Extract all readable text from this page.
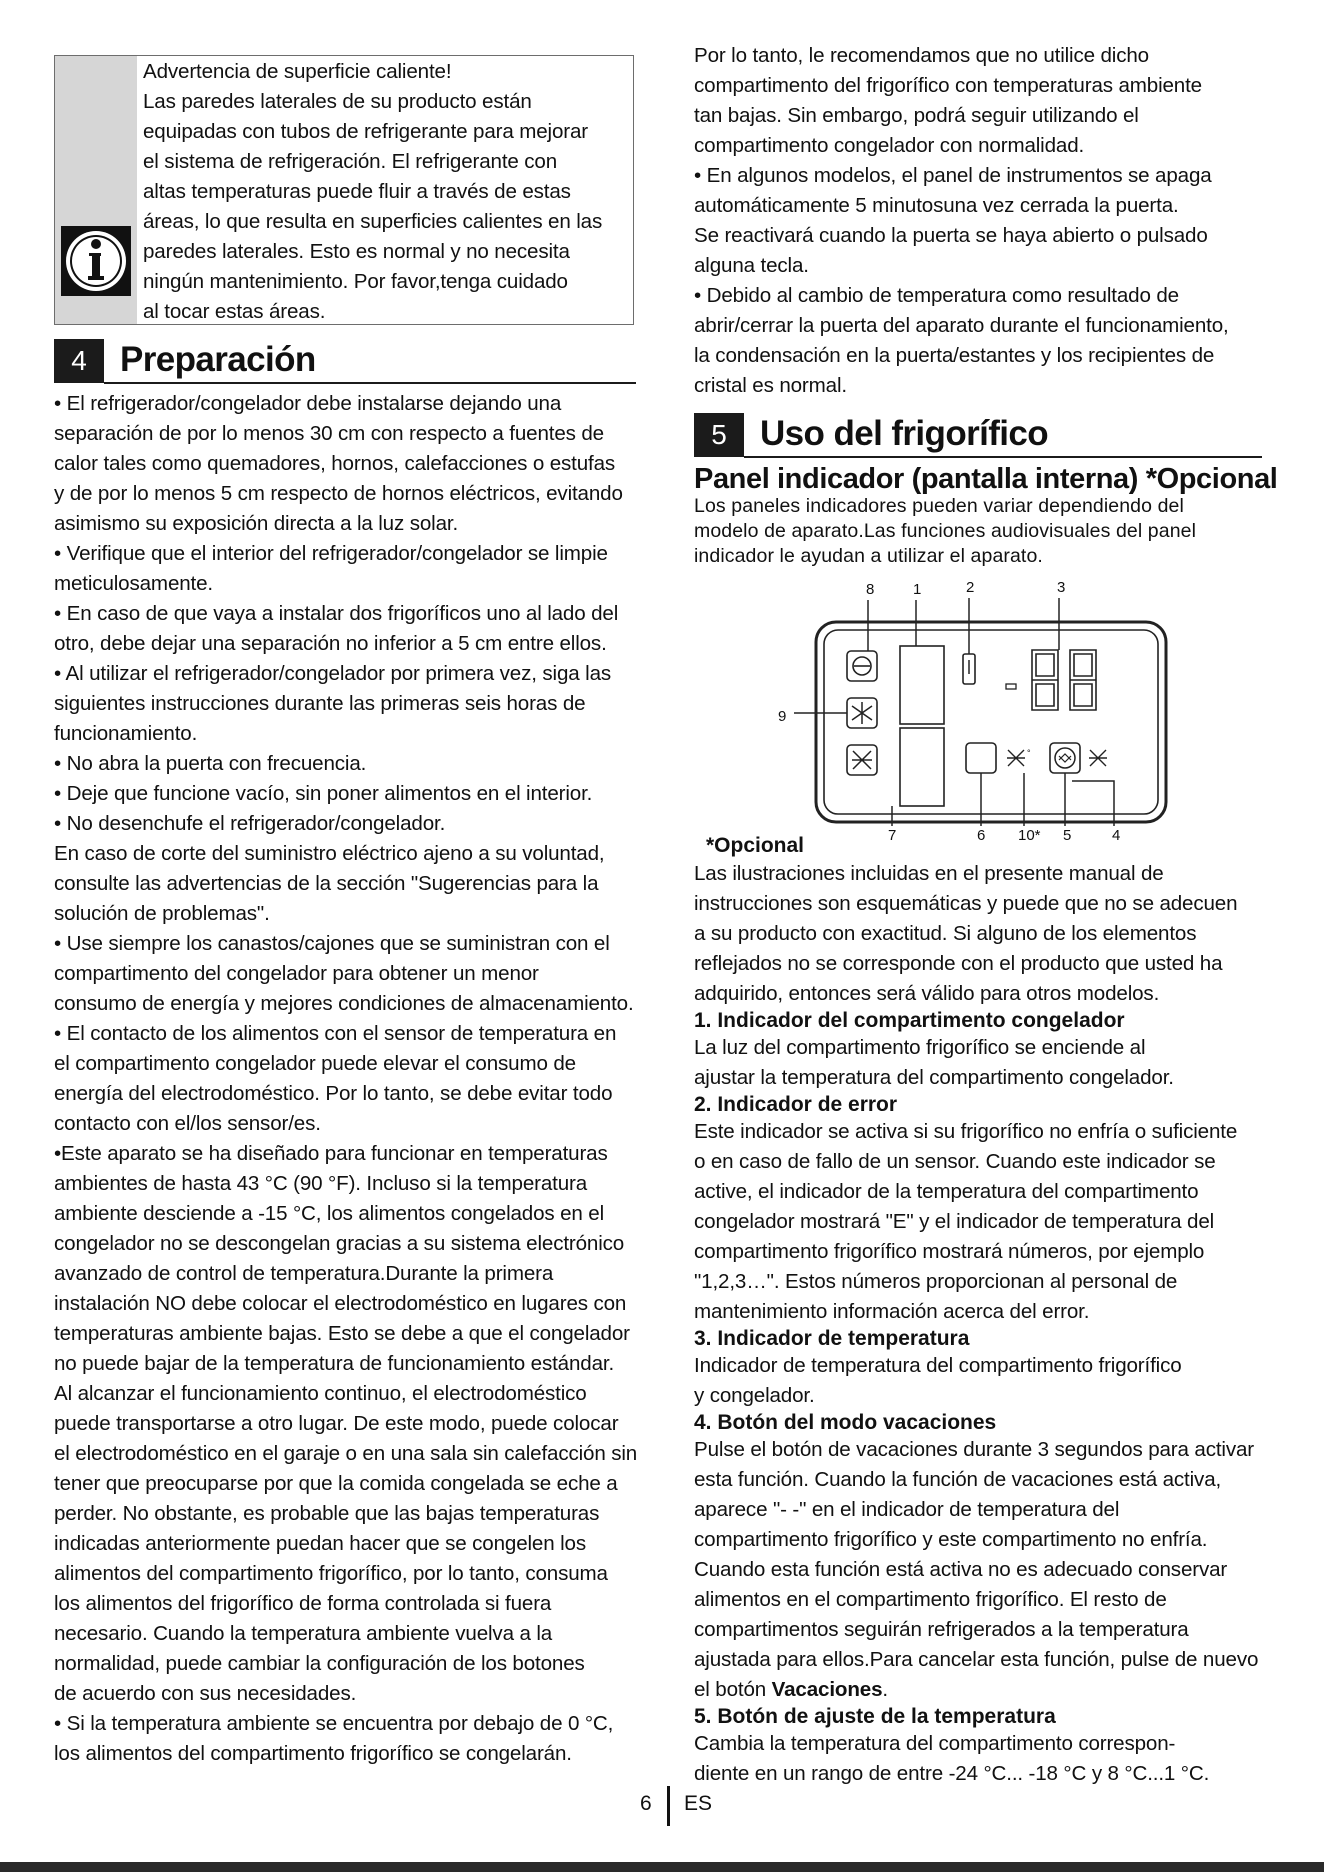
Advertencia de superficie caliente!

Las paredes laterales de su producto están

equipadas con tubos de refrigerante para mejorar

el sistema de refrigeración. El refrigerante con

altas temperaturas puede fluir a través de estas

áreas, lo que resulta en superficies calientes en las

paredes laterales. Esto es normal y no necesita

ningún mantenimiento. Por favor,tenga cuidado

al tocar estas áreas.

4 Preparación

• El refrigerador/congelador debe instalarse dejando una

separación de por lo menos 30 cm con respecto a fuentes de

calor tales como quemadores, hornos, calefacciones o estufas

y de por lo menos 5 cm respecto de hornos eléctricos, evitando

asimismo su exposición directa a la luz solar.

• Verifique que el interior del refrigerador/congelador se limpie

meticulosamente.

• En caso de que vaya a instalar dos frigoríficos uno al lado del

otro, debe dejar una separación no inferior a 5 cm entre ellos.

• Al utilizar el refrigerador/congelador por primera vez, siga las

siguientes instrucciones durante las primeras seis horas de

funcionamiento.

• No abra la puerta con frecuencia.

• Deje que funcione vacío, sin poner alimentos en el interior.

• No desenchufe el refrigerador/congelador.

En caso de corte del suministro eléctrico ajeno a su voluntad,

consulte las advertencias de la sección "Sugerencias para la

solución de problemas".

• Use siempre los canastos/cajones que se suministran con el

compartimento del congelador para obtener un menor

consumo de energía y mejores condiciones de almacenamiento.

• El contacto de los alimentos con el sensor de temperatura en

el compartimento congelador puede elevar el consumo de

energía del electrodoméstico. Por lo tanto, se debe evitar todo

contacto con el/los sensor/es.

•Este aparato se ha diseñado para funcionar en temperaturas

ambientes de hasta 43 °C (90 °F). Incluso si la temperatura

ambiente desciende a -15 °C, los alimentos congelados en el

congelador no se descongelan gracias a su sistema electrónico

avanzado de control de temperatura.Durante la primera

instalación NO debe colocar el electrodoméstico en lugares con

temperaturas ambiente bajas. Esto se debe a que el congelador

no puede bajar de la temperatura de funcionamiento estándar.

Al alcanzar el funcionamiento continuo, el electrodoméstico

puede transportarse a otro lugar. De este modo, puede colocar

el electrodoméstico en el garaje o en una sala sin calefacción sin

tener que preocuparse por que la comida congelada se eche a

perder. No obstante, es probable que las bajas temperaturas

indicadas anteriormente puedan hacer que se congelen los

alimentos del compartimento frigorífico, por lo tanto, consuma

los alimentos del frigorífico de forma controlada si fuera

necesario. Cuando la temperatura ambiente vuelva a la

normalidad, puede cambiar la configuración de los botones

de acuerdo con sus necesidades.

• Si la temperatura ambiente se encuentra por debajo de 0 °C,

los alimentos del compartimento frigorífico se congelarán.

Por lo tanto, le recomendamos que no utilice dicho

compartimento del frigorífico con temperaturas ambiente

tan bajas. Sin embargo, podrá seguir utilizando el

compartimento congelador con normalidad.

• En algunos modelos, el panel de instrumentos se apaga

automáticamente 5 minutosuna vez cerrada la puerta.

Se reactivará cuando la puerta se haya abierto o pulsado

alguna tecla.

• Debido al cambio de temperatura como resultado de

abrir/cerrar la puerta del aparato durante el funcionamiento,

la condensación en la puerta/estantes y los recipientes de

cristal es normal.

5 Uso del frigorífico
Panel indicador (pantalla interna) *Opcional

Los paneles indicadores pueden variar dependiendo del

modelo de aparato.Las funciones audiovisuales del panel

indicador le ayudan a utilizar el aparato.

8	1	2	3
9
7	6 10* 5	4
°

*Opcional

Las ilustraciones incluidas en el presente manual de

instrucciones son esquemáticas y puede que no se adecuen

a su producto con exactitud. Si alguno de los elementos

reflejados no se corresponde con el producto que usted ha

adquirido, entonces será válido para otros modelos.

1. Indicador del compartimento congelador

La luz del compartimento frigorífico se enciende al

ajustar la temperatura del compartimento congelador.

2. Indicador de error

Este indicador se activa si su frigorífico no enfría o suficiente

o en caso de fallo de un sensor. Cuando este indicador se

active, el indicador de la temperatura del compartimento

congelador mostrará "E" y el indicador de temperatura del

compartimento frigorífico mostrará números, por ejemplo

"1,2,3…". Estos números proporcionan al personal de

mantenimiento información acerca del error.

3. Indicador de temperatura

Indicador de temperatura del compartimento frigorífico

y congelador.

4. Botón del modo vacaciones

Pulse el botón de vacaciones durante 3 segundos para activar

esta función. Cuando la función de vacaciones está activa,

aparece "- -" en el indicador de temperatura del

compartimento frigorífico y este compartimento no enfría.

Cuando esta función está activa no es adecuado conservar

alimentos en el compartimento frigorífico. El resto de

compartimentos seguirán refrigerados a la temperatura

ajustada para ellos.Para cancelar esta función, pulse de nuevo

el botón Vacaciones.

5. Botón de ajuste de la temperatura

Cambia la temperatura del compartimento correspon-

diente en un rango de entre -24 °C... -18 °C y 8 °C...1 °C.

6 ES
